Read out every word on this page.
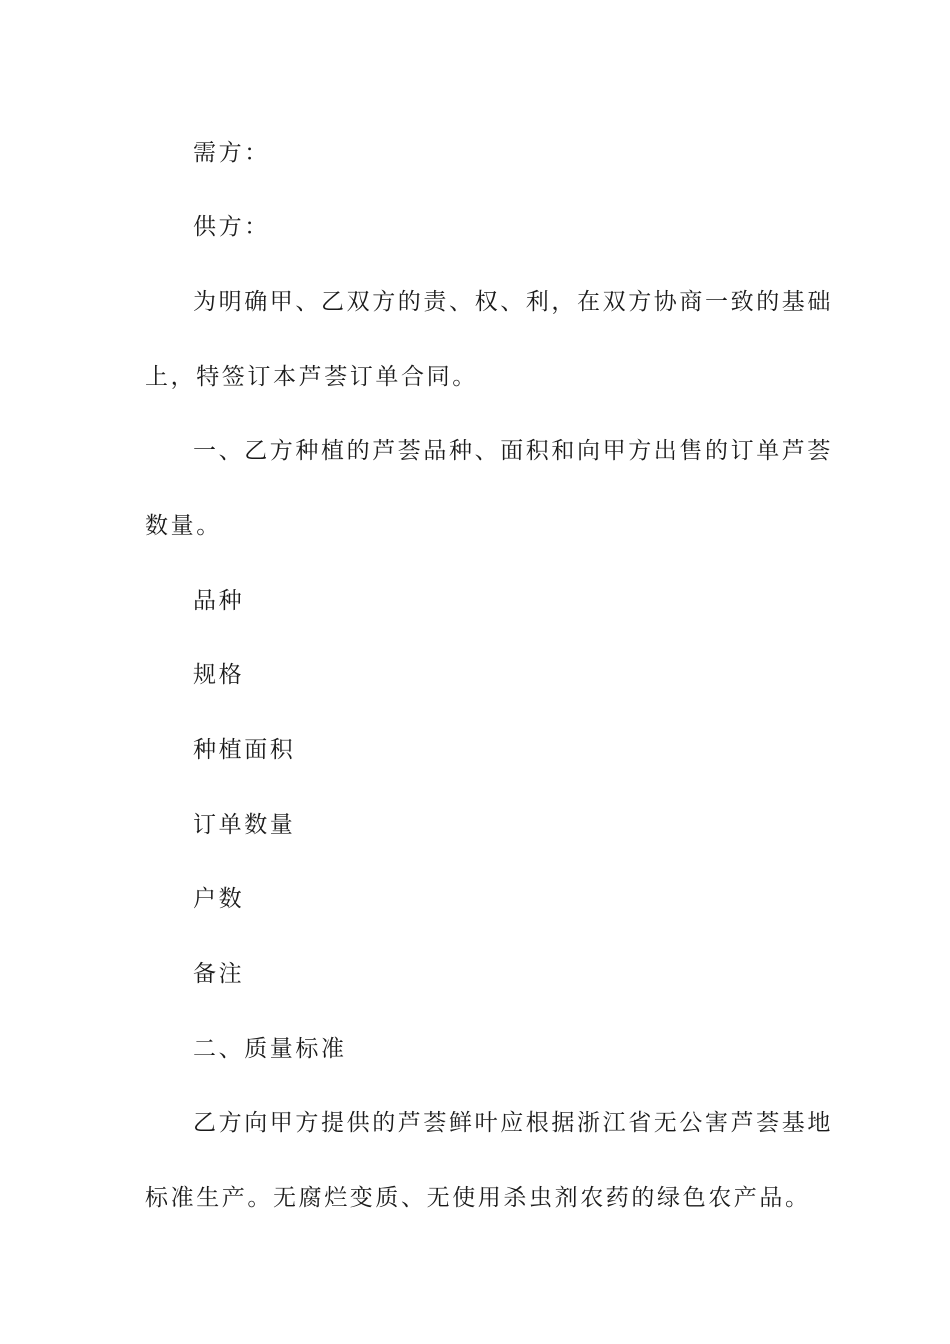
需方：
供方：
为明确甲、乙双方的责、权、利，在双方协商一致的基础
上，特签订本芦荟订单合同。
一、乙方种植的芦荟品种、面积和向甲方出售的订单芦荟
数量。
品种
规格
种植面积
订单数量
户数
备注
二、质量标准
乙方向甲方提供的芦荟鲜叶应根据浙江省无公害芦荟基地
标准生产。无腐烂变质、无使用杀虫剂农药的绿色农产品。
